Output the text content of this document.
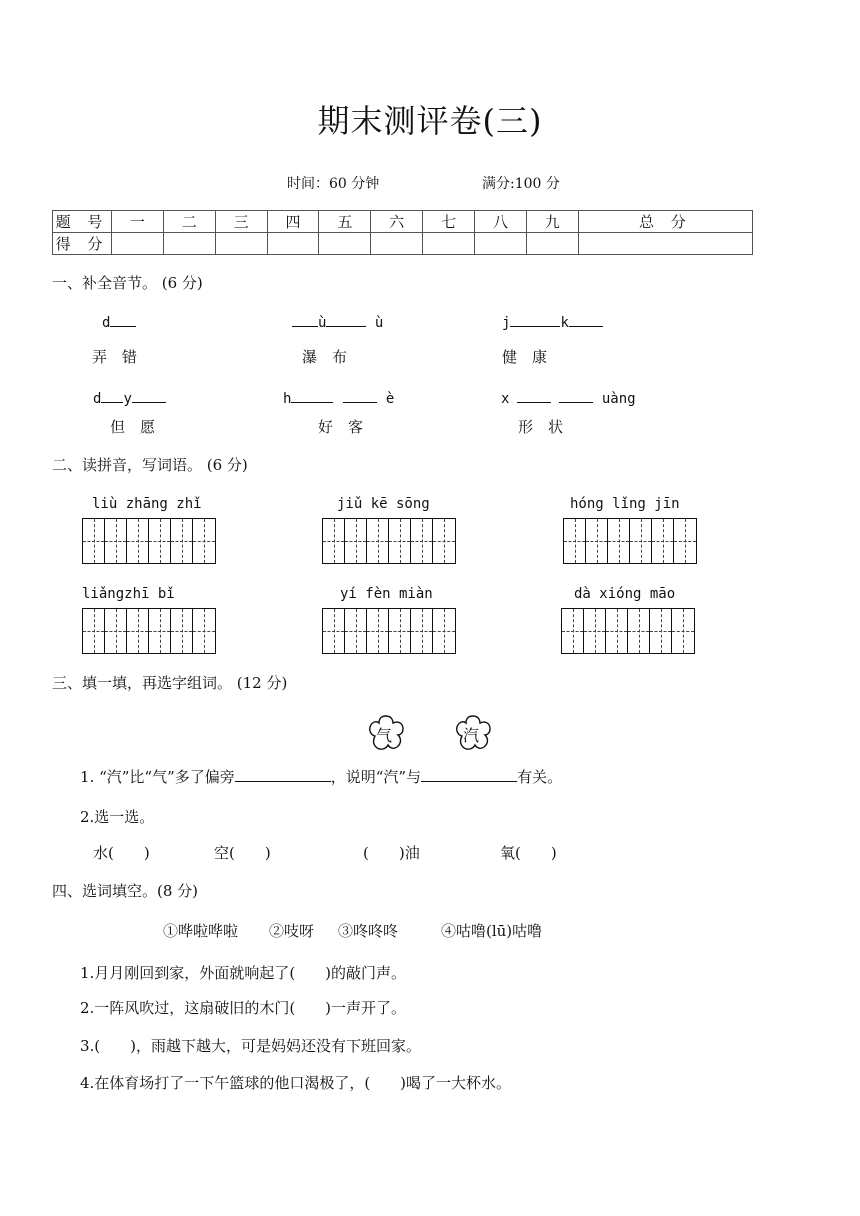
期末测评卷(三)
时间：60 分钟	满分:100 分
题 号	一	二	三	四	五	六	七	八	九	总 分
得 分										
一、补全音节。 (6 分)
d
弄　错
ù	ù
瀑　布
j	k
健　康
d y
但　愿
h	è
好　客
x	uàng
形　状
二、读拼音，写词语。 (6 分)
liù zhāng zhǐ	jiǔ kē sōng	hóng lǐng jīn
liǎngzhī bǐ	yí fèn miàn	dà xióng māo
三、填一填，再选字组词。 (12 分)
气	汽
1. “汽”比“气”多了偏旁	，说明“汽”与	有关。
2.选一选。
水(　　)	空(　　)	(　　)油	氧(　　)
四、选词填空。(8 分)
①哗啦哗啦 ②吱呀 ③咚咚咚	④咕噜(lū)咕噜
1.月月刚回到家，外面就响起了(　　)的敲门声。
2.一阵风吹过，这扇破旧的木门(　　)一声开了。
3.(　　)，雨越下越大，可是妈妈还没有下班回家。
4.在体育场打了一下午篮球的他口渴极了，(　　)喝了一大杯水。
